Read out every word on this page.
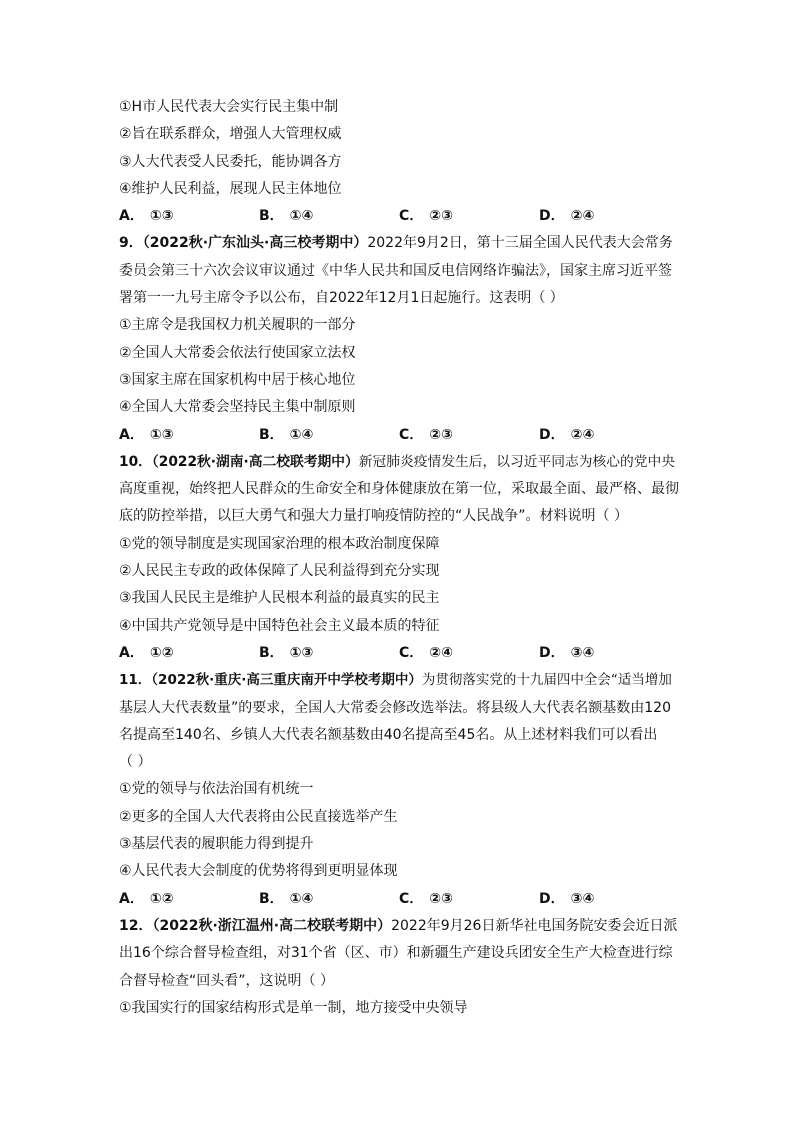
①H市人民代表大会实行民主集中制
②旨在联系群众，增强人大管理权威
③人大代表受人民委托，能协调各方
④维护人民利益，展现人民主体地位
A． ①③	B． ①④	C． ②③	D． ②④
9．（2022秋·广东汕头·高三校考期中）2022年9月2日，第十三届全国人民代表大会常务
委员会第三十六次会议审议通过《中华人民共和国反电信网络诈骗法》，国家主席习近平签
署第一一九号主席令予以公布，自2022年12月1日起施行。这表明（ ）
①主席令是我国权力机关履职的一部分
②全国人大常委会依法行使国家立法权
③国家主席在国家机构中居于核心地位
④全国人大常委会坚持民主集中制原则
A． ①③	B． ①④	C． ②③	D． ②④
10．（2022秋·湖南·高二校联考期中）新冠肺炎疫情发生后，以习近平同志为核心的党中央
高度重视，始终把人民群众的生命安全和身体健康放在第一位，采取最全面、最严格、最彻
底的防控举措，以巨大勇气和强大力量打响疫情防控的“人民战争”。材料说明（ ）
①党的领导制度是实现国家治理的根本政治制度保障
②人民民主专政的政体保障了人民利益得到充分实现
③我国人民民主是维护人民根本利益的最真实的民主
④中国共产党领导是中国特色社会主义最本质的特征
A． ①②	B． ①③	C． ②④	D． ③④
11．（2022秋·重庆·高三重庆南开中学校考期中）为贯彻落实党的十九届四中全会“适当增加
基层人大代表数量”的要求，全国人大常委会修改选举法。将县级人大代表名额基数由120
名提高至140名、乡镇人大代表名额基数由40名提高至45名。从上述材料我们可以看出
（ ）
①党的领导与依法治国有机统一
②更多的全国人大代表将由公民直接选举产生
③基层代表的履职能力得到提升
④人民代表大会制度的优势将得到更明显体现
A． ①②	B． ①④	C． ②③	D． ③④
12．（2022秋·浙江温州·高二校联考期中）2022年9月26日新华社电国务院安委会近日派
出16个综合督导检查组，对31个省（区、市）和新疆生产建设兵团安全生产大检查进行综
合督导检查“回头看”，这说明（ ）
①我国实行的国家结构形式是单一制，地方接受中央领导
